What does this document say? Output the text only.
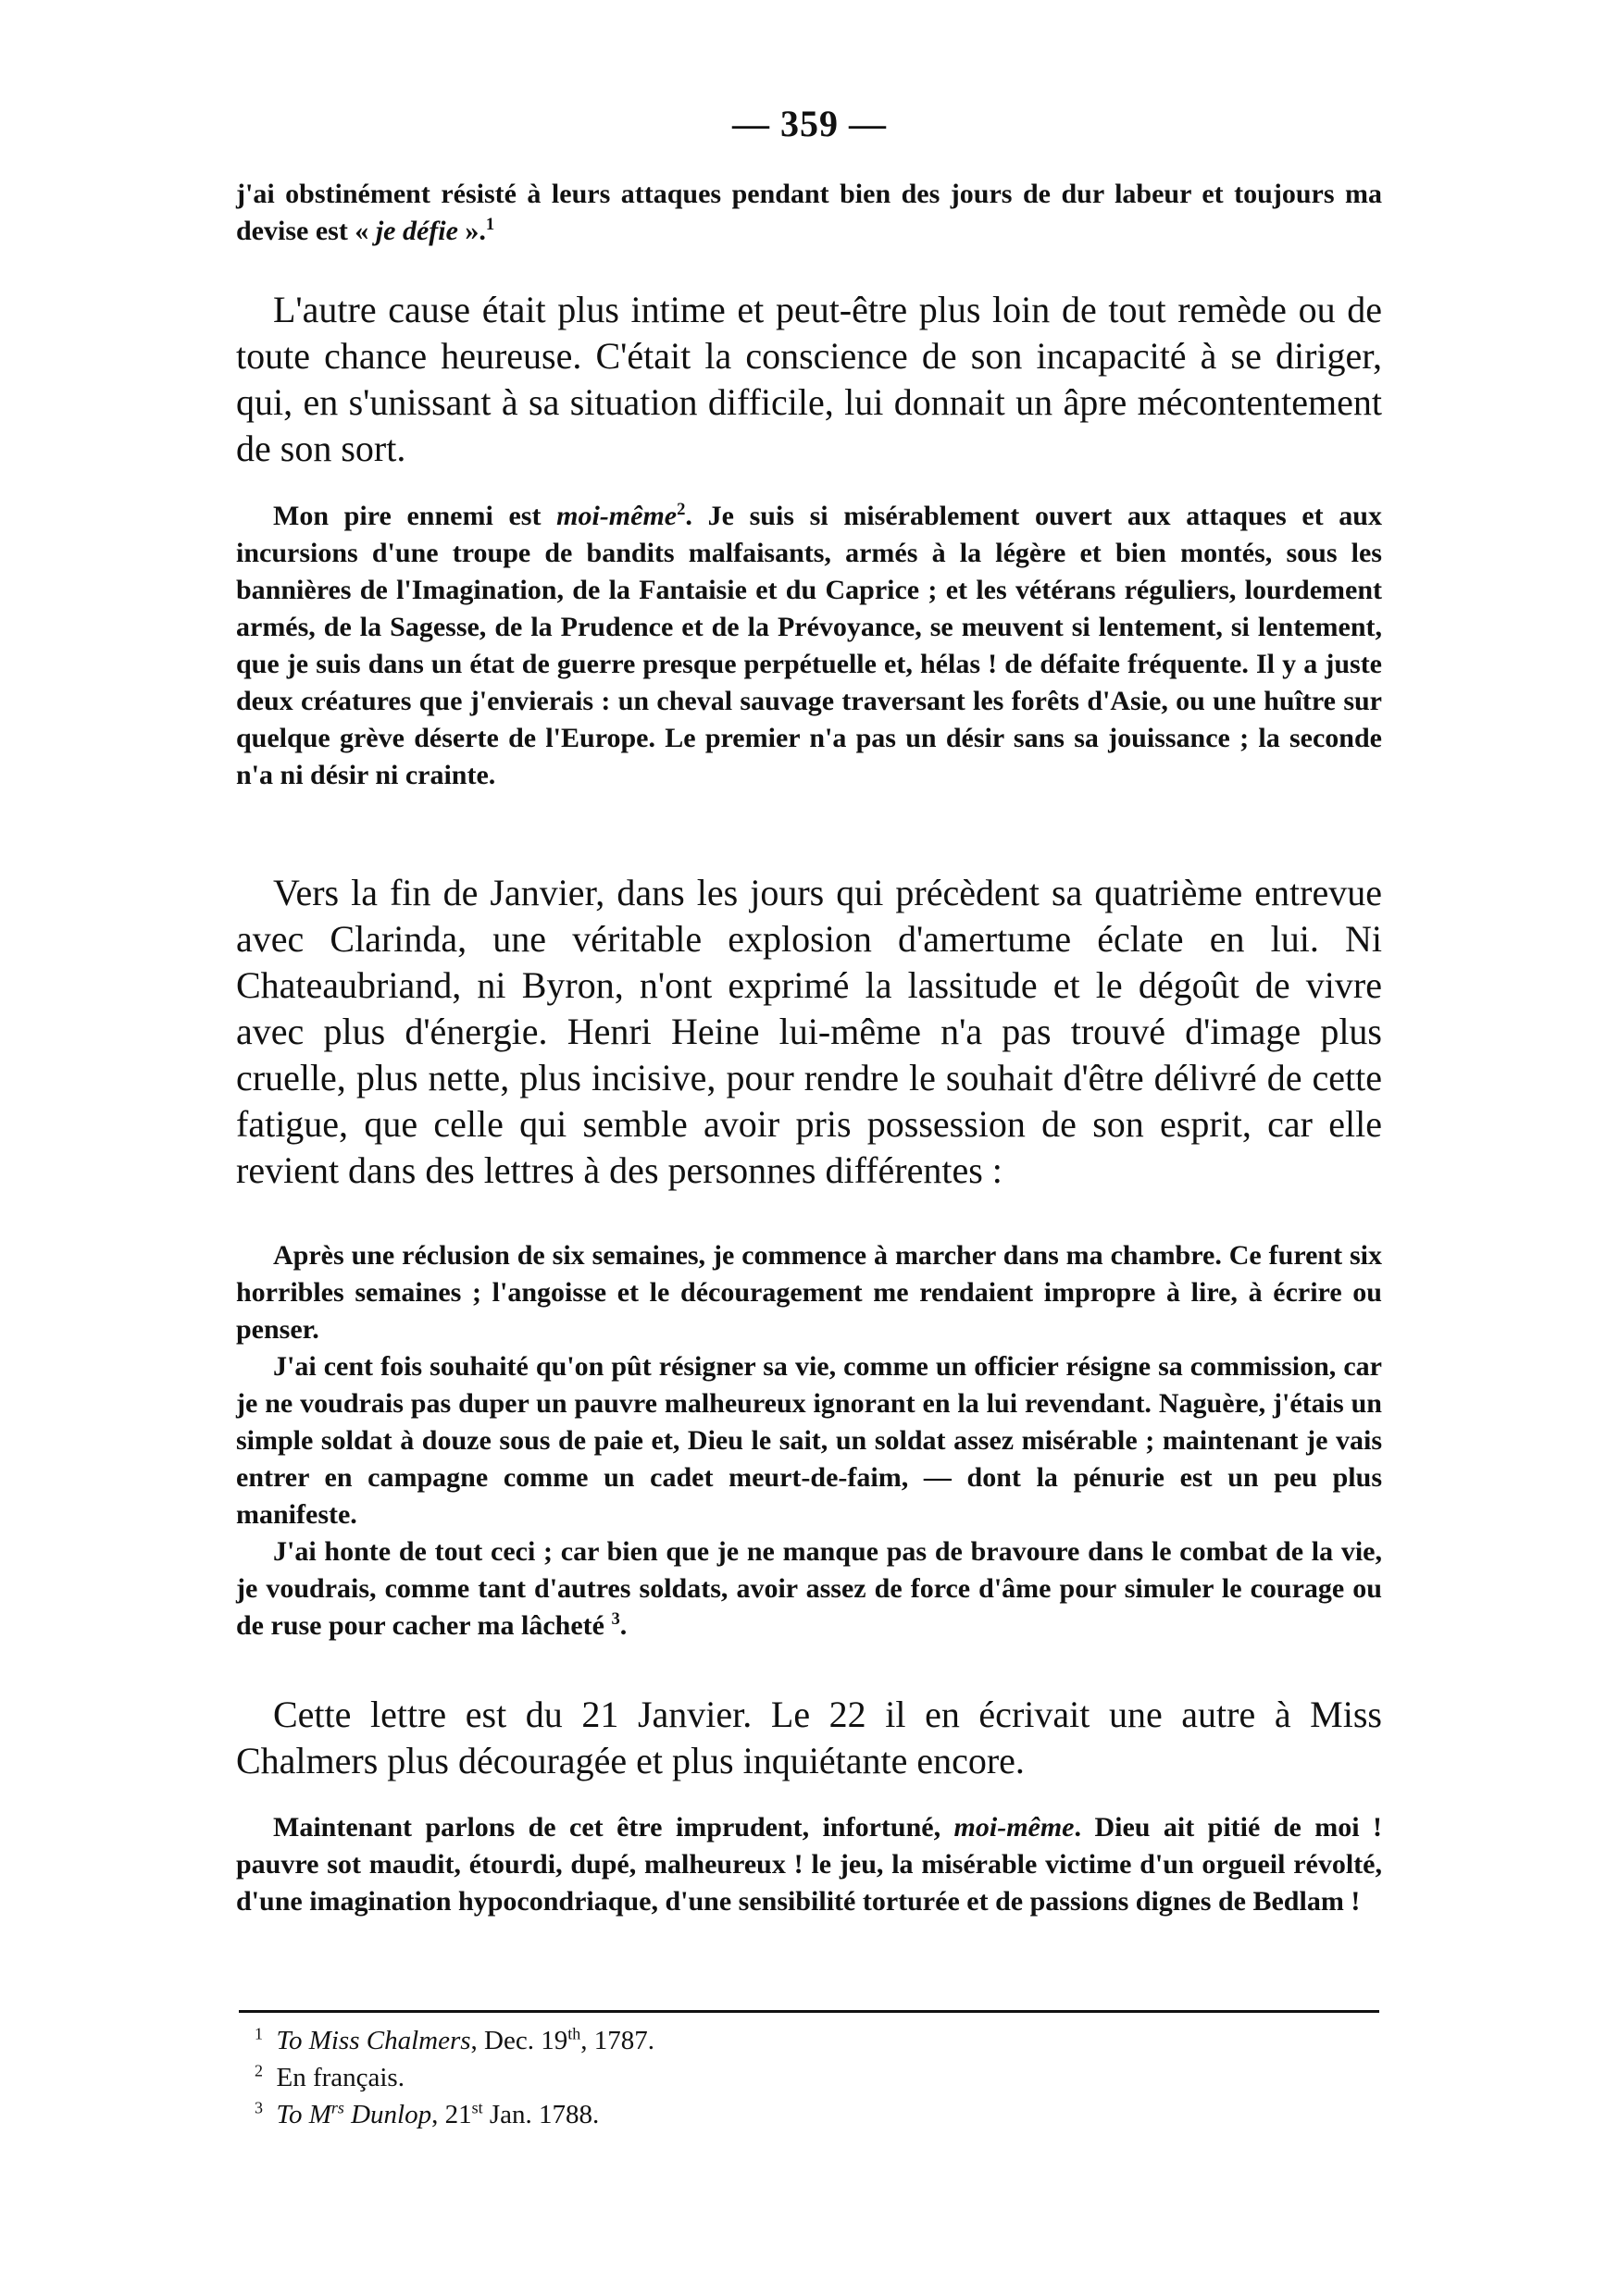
— 359 —

j'ai obstinément résisté à leurs attaques pendant bien des jours de dur labeur et toujours ma devise est « je défie ».$^1$

L'autre cause était plus intime et peut-être plus loin de tout remède ou de toute chance heureuse. C'était la conscience de son incapacité à se diriger, qui, en s'unissant à sa situation difficile, lui donnait un âpre mécontentement de son sort.

Mon pire ennemi est moi-même$^2$. Je suis si misérablement ouvert aux attaques et aux incursions d'une troupe de bandits malfaisants, armés à la légère et bien montés, sous les bannières de l'Imagination, de la Fantaisie et du Caprice ; et les vétérans réguliers, lourdement armés, de la Sagesse, de la Prudence et de la Prévoyance, se meuvent si lentement, si lentement, que je suis dans un état de guerre presque perpétuelle et, hélas ! de défaite fréquente. Il y a juste deux créatures que j'envierais : un cheval sauvage traversant les forêts d'Asie, ou une huître sur quelque grève déserte de l'Europe. Le premier n'a pas un désir sans sa jouissance ; la seconde n'a ni désir ni crainte.

Vers la fin de Janvier, dans les jours qui précèdent sa quatrième entrevue avec Clarinda, une véritable explosion d'amertume éclate en lui. Ni Chateaubriand, ni Byron, n'ont exprimé la lassitude et le dégoût de vivre avec plus d'énergie. Henri Heine lui-même n'a pas trouvé d'image plus cruelle, plus nette, plus incisive, pour rendre le souhait d'être délivré de cette fatigue, que celle qui semble avoir pris possession de son esprit, car elle revient dans des lettres à des personnes différentes :

Après une réclusion de six semaines, je commence à marcher dans ma chambre. Ce furent six horribles semaines ; l'angoisse et le découragement me rendaient impropre à lire, à écrire ou penser.

J'ai cent fois souhaité qu'on pût résigner sa vie, comme un officier résigne sa commission, car je ne voudrais pas duper un pauvre malheureux ignorant en la lui revendant. Naguère, j'étais un simple soldat à douze sous de paie et, Dieu le sait, un soldat assez misérable ; maintenant je vais entrer en campagne comme un cadet meurt-de-faim, — dont la pénurie est un peu plus manifeste.

J'ai honte de tout ceci ; car bien que je ne manque pas de bravoure dans le combat de la vie, je voudrais, comme tant d'autres soldats, avoir assez de force d'âme pour simuler le courage ou de ruse pour cacher ma lâcheté $^3$.

Cette lettre est du 21 Janvier. Le 22 il en écrivait une autre à Miss Chalmers plus découragée et plus inquiétante encore.

Maintenant parlons de cet être imprudent, infortuné, moi-même. Dieu ait pitié de moi ! pauvre sot maudit, étourdi, dupé, malheureux ! le jeu, la misérable victime d'un orgueil révolté, d'une imagination hypocondriaque, d'une sensibilité torturée et de passions dignes de Bedlam !

$^1$ To Miss Chalmers, Dec. 19th, 1787.
$^2$ En français.
$^3$ To $M^{rs}$ Dunlop, 21st Jan. 1788.
